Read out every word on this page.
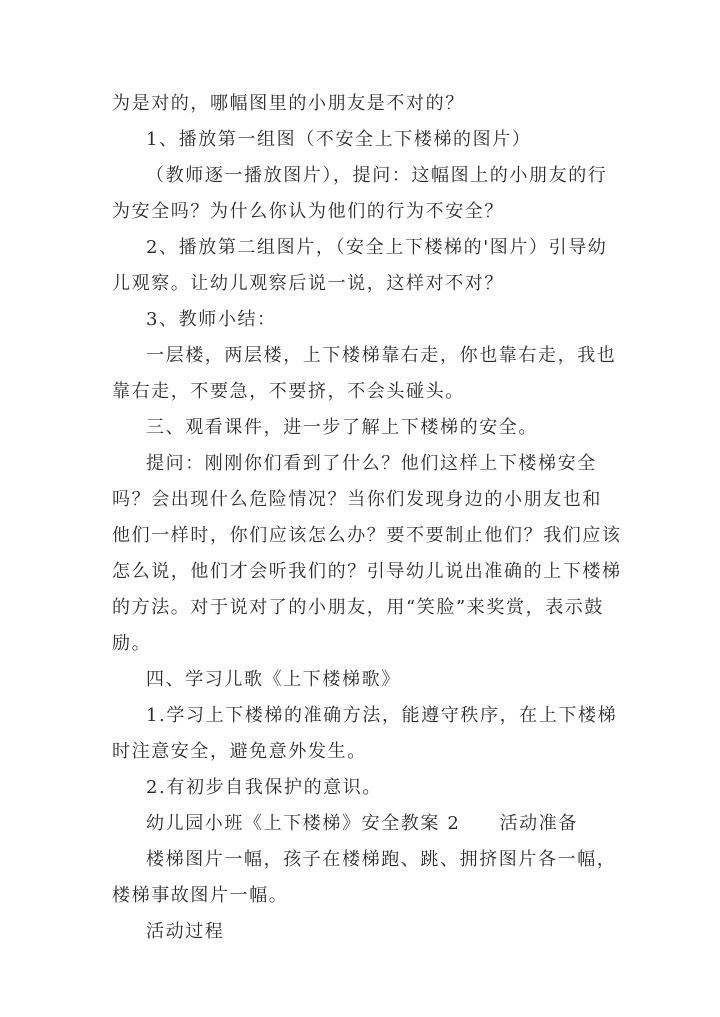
为是对的，哪幅图里的小朋友是不对的？
1、播放第一组图（不安全上下楼梯的图片）
（教师逐一播放图片），提问：这幅图上的小朋友的行
为安全吗？为什么你认为他们的行为不安全？
2、播放第二组图片，（安全上下楼梯的'图片）引导幼
儿观察。让幼儿观察后说一说，这样对不对？
3、教师小结：
一层楼，两层楼，上下楼梯靠右走，你也靠右走，我也
靠右走，不要急，不要挤，不会头碰头。
三、观看课件，进一步了解上下楼梯的安全。
提问：刚刚你们看到了什么？他们这样上下楼梯安全
吗？会出现什么危险情况？当你们发现身边的小朋友也和
他们一样时，你们应该怎么办？要不要制止他们？我们应该
怎么说，他们才会听我们的？引导幼儿说出准确的上下楼梯
的方法。对于说对了的小朋友，用“笑脸”来奖赏，表示鼓
励。
四、学习儿歌《上下楼梯歌》
1.学习上下楼梯的准确方法，能遵守秩序，在上下楼梯
时注意安全，避免意外发生。
2.有初步自我保护的意识。
幼儿园小班《上下楼梯》安全教案 2　　活动准备
楼梯图片一幅，孩子在楼梯跑、跳、拥挤图片各一幅，
楼梯事故图片一幅。
活动过程
